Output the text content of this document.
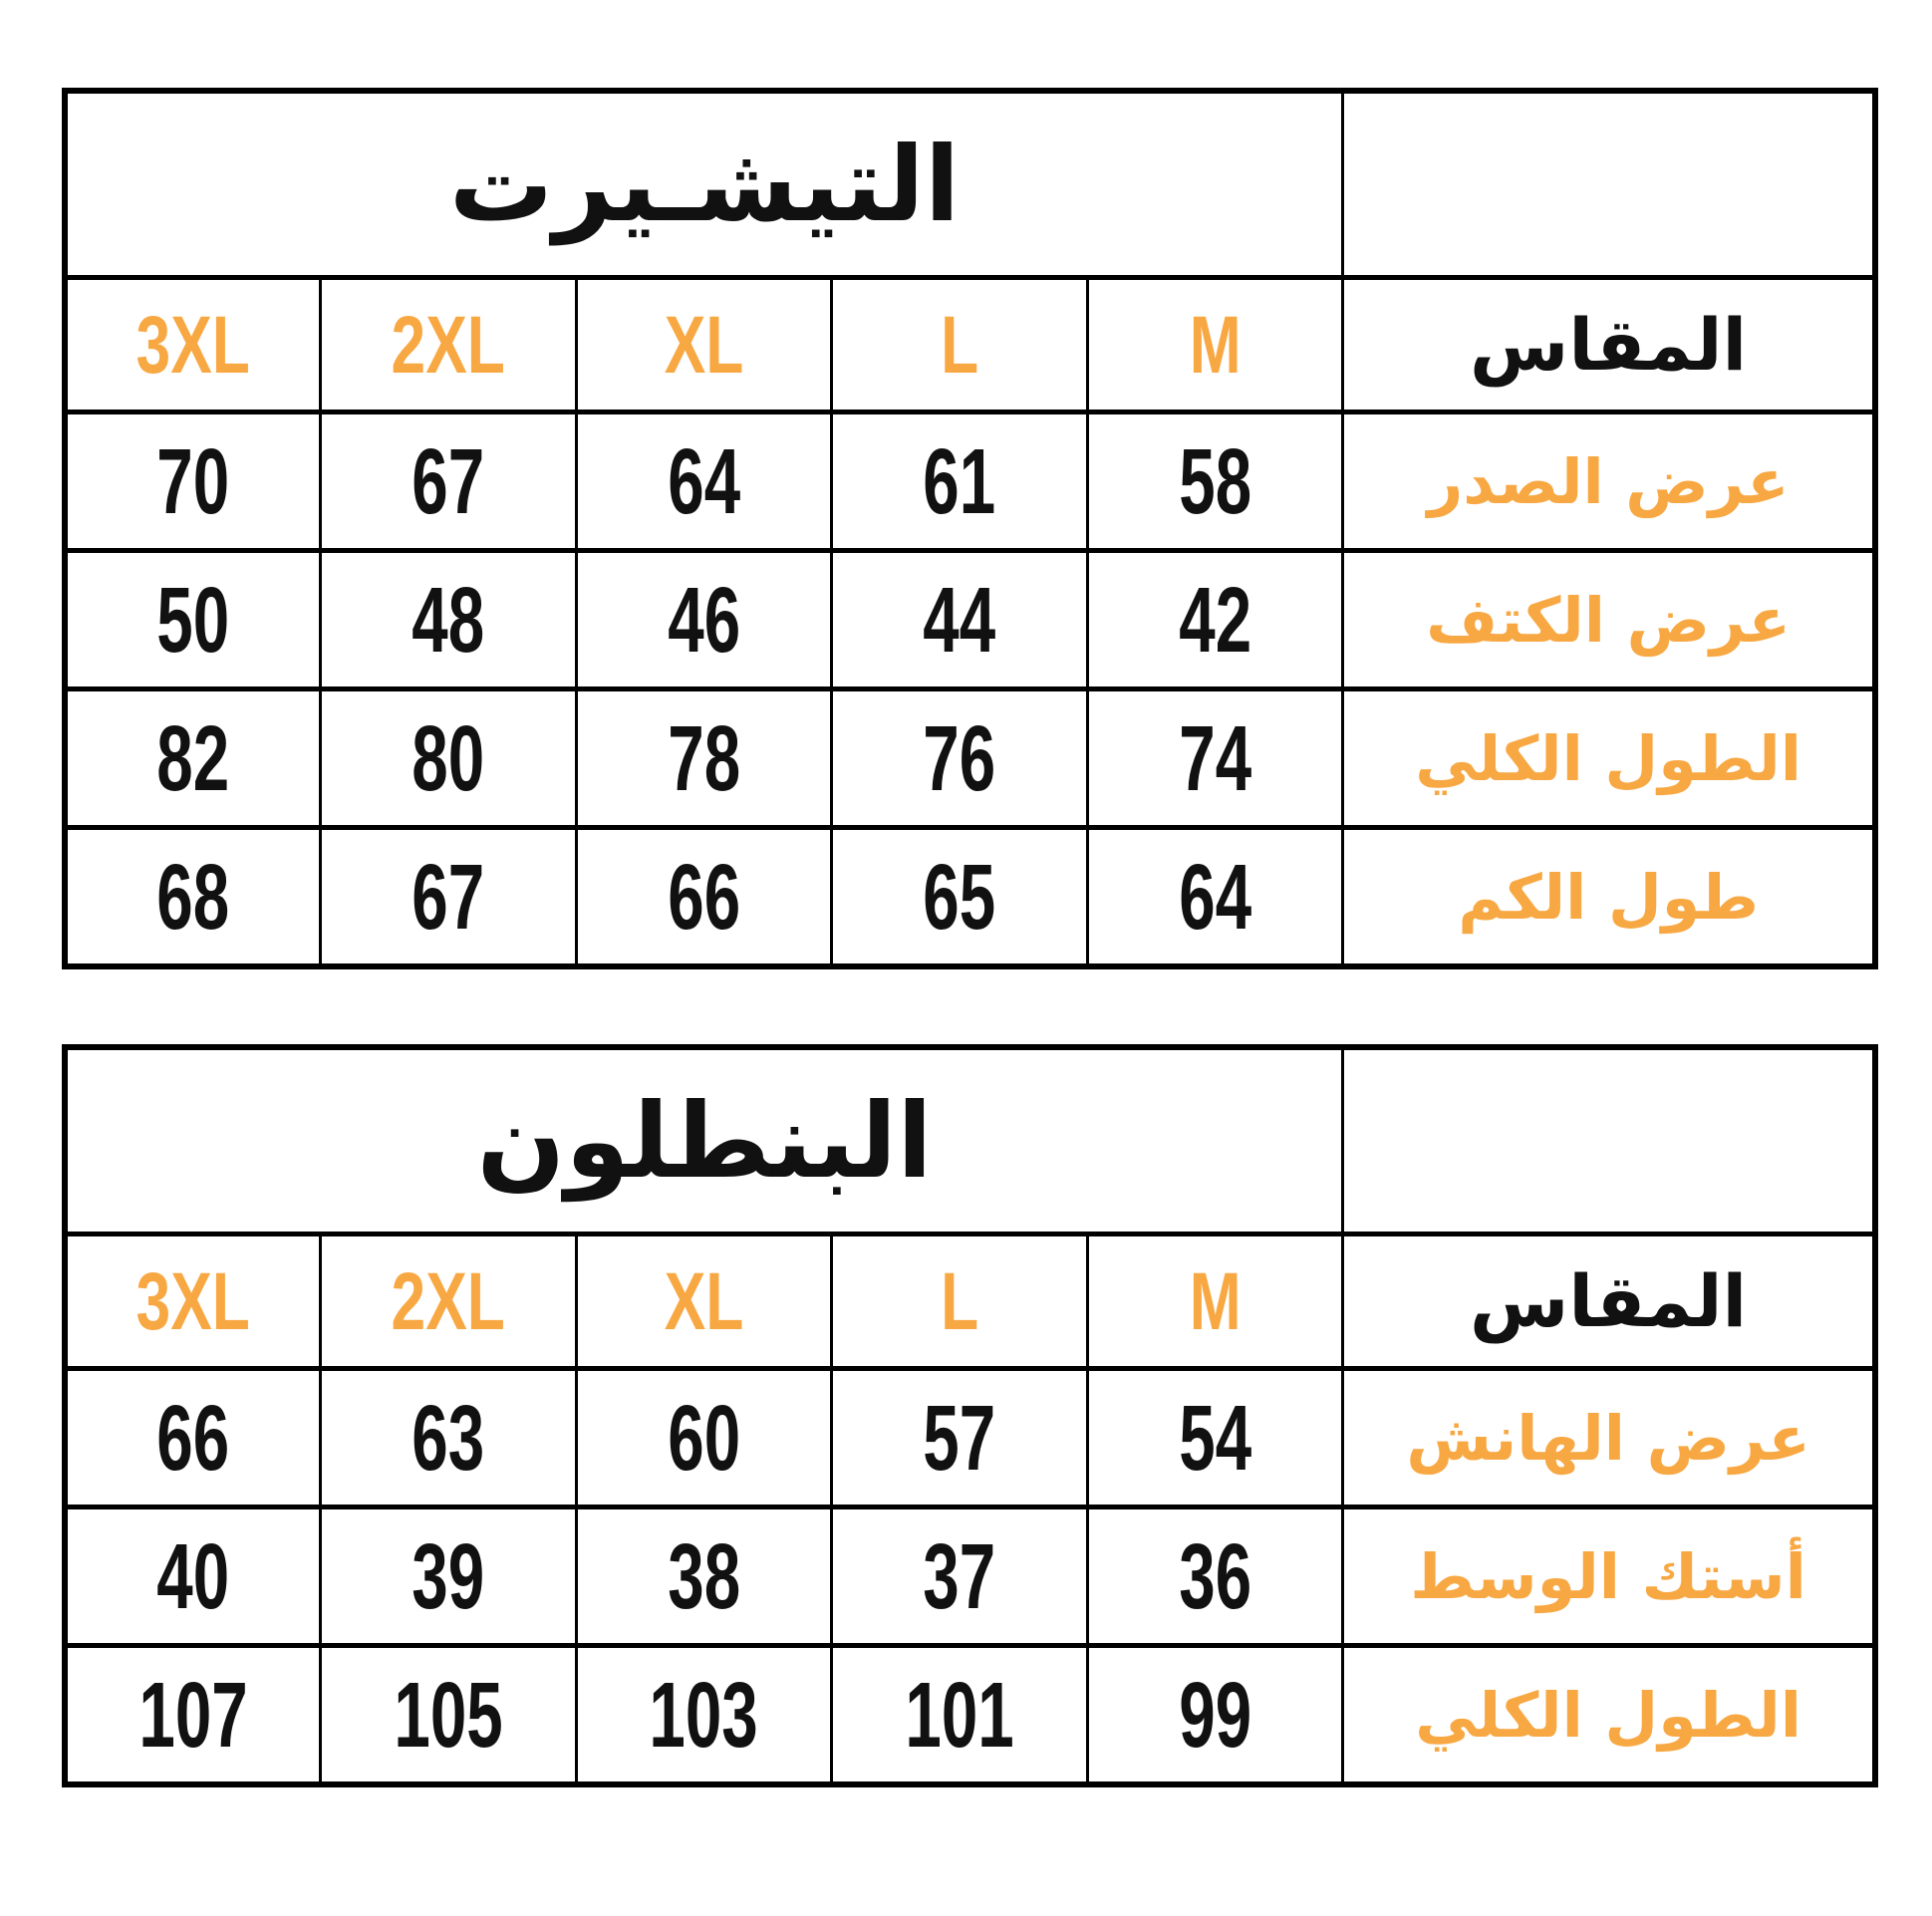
التيشـيرت					
3XL	2XL	XL	L	M	المقاس
70	67	64	61	58	عرض الصدر
50	48	46	44	42	عرض الكتف
82	80	78	76	74	الطول الكلي
68	67	66	65	64	طول الكم
البنطلون					
3XL	2XL	XL	L	M	المقاس
66	63	60	57	54	عرض الهانش
40	39	38	37	36	أستك الوسط
107	105	103	101	99	الطول الكلي
